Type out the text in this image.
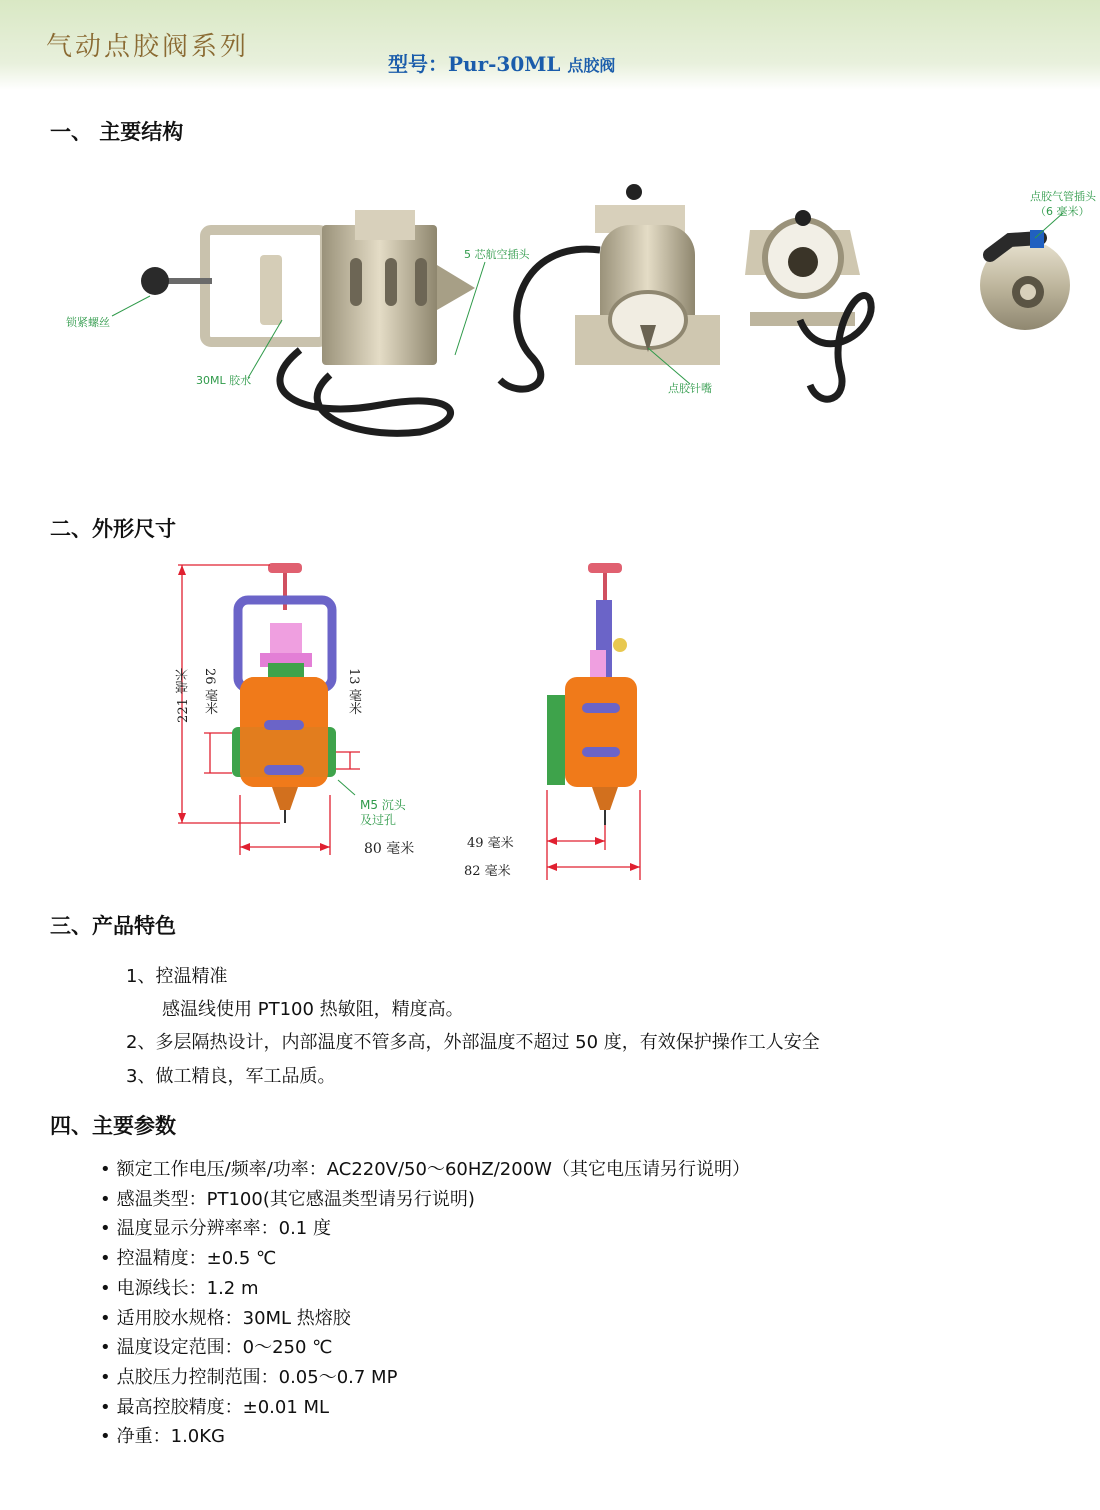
气动点胶阀系列
型号：Pur-30ML 点胶阀
一、 主要结构
5 芯航空插头
锁紧螺丝
30ML 胶水
点胶针嘴
点胶气管插头
（6 毫米）
二、外形尺寸
221 毫米 26 毫米	13 毫米
M5 沉头
及过孔
80 毫米	49 毫米
82 毫米
三、产品特色
1、控温精准
感温线使用 PT100 热敏阻，精度高。
2、多层隔热设计，内部温度不管多高，外部温度不超过 50 度，有效保护操作工人安全
3、做工精良，军工品质。
四、主要参数
• 额定工作电压/频率/功率：AC220V/50～60HZ/200W（其它电压请另行说明）
• 感温类型：PT100(其它感温类型请另行说明)
• 温度显示分辨率率：0.1 度
• 控温精度：±0.5 ℃
• 电源线长：1.2 m
• 适用胶水规格：30ML 热熔胶
• 温度设定范围：0～250 ℃
• 点胶压力控制范围：0.05～0.7 MP
• 最高控胶精度：±0.01 ML
• 净重：1.0KG
